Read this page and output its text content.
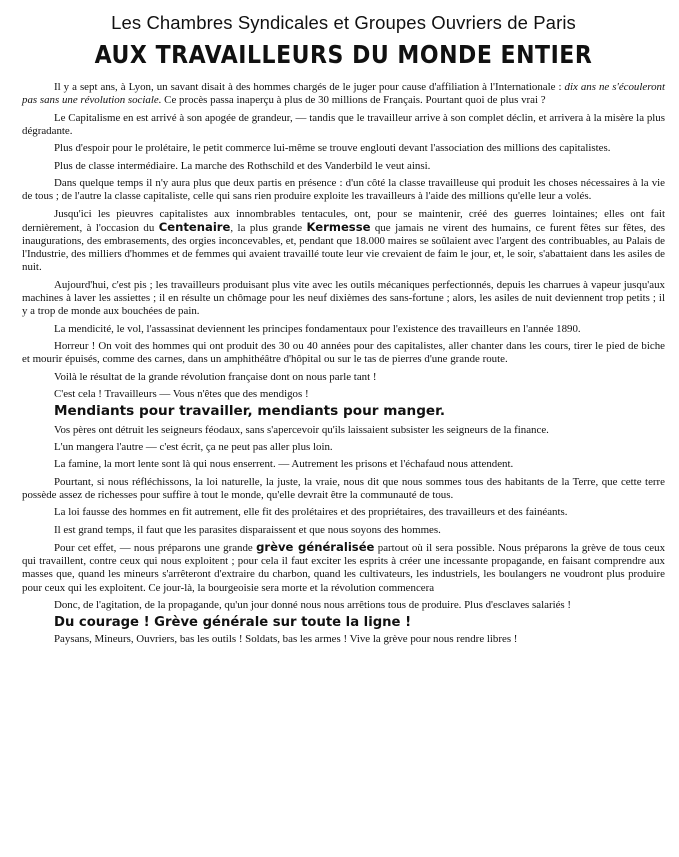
Les Chambres Syndicales et Groupes Ouvriers de Paris
AUX TRAVAILLEURS DU MONDE ENTIER

Il y a sept ans, à Lyon, un savant disait à des hommes chargés de le juger pour cause d'affiliation à l'Internationale : dix ans ne s'écouleront pas sans une révolution sociale. Ce procès passa inaperçu à plus de 30 millions de Français. Pourtant quoi de plus vrai ?

Le Capitalisme en est arrivé à son apogée de grandeur, — tandis que le travailleur arrive à son complet déclin, et arrivera à la misère la plus dégradante.

Plus d'espoir pour le prolétaire, le petit commerce lui-même se trouve englouti devant l'association des millions des capitalistes.

Plus de classe intermédiaire. La marche des Rothschild et des Vanderbild le veut ainsi.

Dans quelque temps il n'y aura plus que deux partis en présence : d'un côté la classe travailleuse qui produit les choses nécessaires à la vie de tous ; de l'autre la classe capitaliste, celle qui sans rien produire exploite les travailleurs à l'aide des millions qu'elle leur a volés.

Jusqu'ici les pieuvres capitalistes aux innombrables tentacules, ont, pour se maintenir, créé des guerres lointaines; elles ont fait dernièrement, à l'occasion du Centenaire, la plus grande Kermesse que jamais ne virent des humains, ce furent fêtes sur fêtes, des inaugurations, des embrasements, des orgies inconcevables, et, pendant que 18.000 maires se soûlaient avec l'argent des contribuables, au Palais de l'Industrie, des milliers d'hommes et de femmes qui avaient travaillé toute leur vie crevaient de faim le jour, et, le soir, s'abattaient dans les asiles de nuit.

Aujourd'hui, c'est pis ; les travailleurs produisant plus vite avec les outils mécaniques perfectionnés, depuis les charrues à vapeur jusqu'aux machines à laver les assiettes ; il en résulte un chômage pour les neuf dixièmes des sans-fortune ; alors, les asiles de nuit deviennent trop petits ; il y a trop de monde aux bouchées de pain.

La mendicité, le vol, l'assassinat deviennent les principes fondamentaux pour l'existence des travailleurs en l'année 1890.

Horreur ! On voit des hommes qui ont produit des 30 ou 40 années pour des capitalistes, aller chanter dans les cours, tirer le pied de biche et mourir épuisés, comme des carnes, dans un amphithéâtre d'hôpital ou sur le tas de pierres d'une grande route.

Voilà le résultat de la grande révolution française dont on nous parle tant !

C'est cela ! Travailleurs — Vous n'êtes que des mendigos !

Mendiants pour travailler, mendiants pour manger.

Vos pères ont détruit les seigneurs féodaux, sans s'apercevoir qu'ils laissaient subsister les seigneurs de la finance.

L'un mangera l'autre — c'est écrit, ça ne peut pas aller plus loin.

La famine, la mort lente sont là qui nous enserrent. — Autrement les prisons et l'échafaud nous attendent.

Pourtant, si nous réfléchissons, la loi naturelle, la juste, la vraie, nous dit que nous sommes tous des habitants de la Terre, que cette terre possède assez de richesses pour suffire à tout le monde, qu'elle devrait être la communauté de tous.

La loi fausse des hommes en fit autrement, elle fit des prolétaires et des propriétaires, des travailleurs et des fainéants.

Il est grand temps, il faut que les parasites disparaissent et que nous soyons des hommes.

Pour cet effet, — nous préparons une grande grève généralisée partout où il sera possible. Nous préparons la grève de tous ceux qui travaillent, contre ceux qui nous exploitent ; pour cela il faut exciter les esprits à créer une incessante propagande, en faisant comprendre aux masses que, quand les mineurs s'arrêteront d'extraire du charbon, quand les cultivateurs, les industriels, les boulangers ne voudront plus produire pour ceux qui les exploitent. Ce jour-là, la bourgeoisie sera morte et la révolution commencera

Donc, de l'agitation, de la propagande, qu'un jour donné nous nous arrêtions tous de produire. Plus d'esclaves salariés !

Du courage ! Grève générale sur toute la ligne !

Paysans, Mineurs, Ouvriers, bas les outils ! Soldats, bas les armes ! Vive la grève pour nous rendre libres !
